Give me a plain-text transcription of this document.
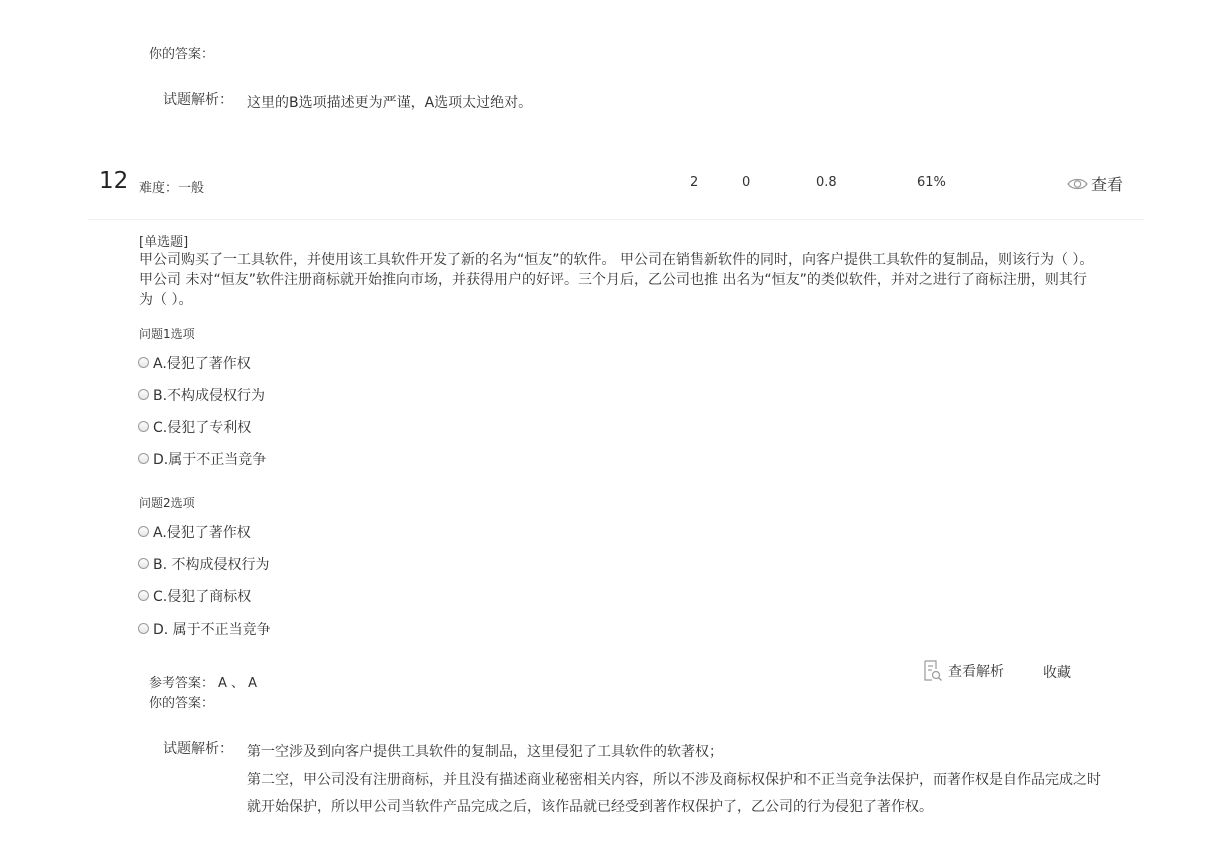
你的答案：
试题解析： 这里的B选项描述更为严谨，A选项太过绝对。
12 难度：一般	2	0	0.8	61%	查看
[单选题]
甲公司购买了一工具软件，并使用该工具软件开发了新的名为“恒友”的软件。 甲公司在销售新软件的同时，向客户提供工具软件的复制品，则该行为（ ）。甲公司 未对“恒友”软件注册商标就开始推向市场，并获得用户的好评。三个月后，乙公司也推 出名为“恒友”的类似软件，并对之进行了商标注册，则其行为（ ）。
问题1选项
A.侵犯了著作权
B.不构成侵权行为
C.侵犯了专利权
D.属于不正当竞争
问题2选项
A.侵犯了著作权
B. 不构成侵权行为
C.侵犯了商标权
D. 属于不正当竞争
参考答案： A 、 A
你的答案：
查看解析	收藏
试题解析： 第一空涉及到向客户提供工具软件的复制品，这里侵犯了工具软件的软著权；
第二空，甲公司没有注册商标，并且没有描述商业秘密相关内容，所以不涉及商标权保护和不正当竞争法保护，而著作权是自作品完成之时
就开始保护，所以甲公司当软件产品完成之后，该作品就已经受到著作权保护了，乙公司的行为侵犯了著作权。
